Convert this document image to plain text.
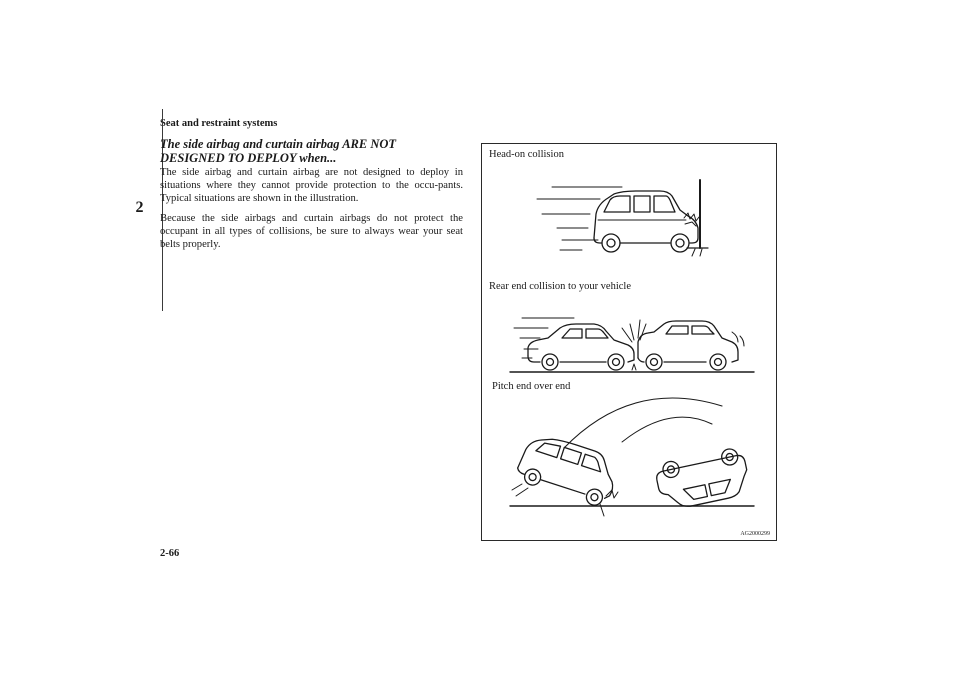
Seat and restraint systems
2
The side airbag and curtain airbag ARE NOT DESIGNED TO DEPLOY when...

The side airbag and curtain airbag are not designed to deploy in situations where they cannot provide protection to the occu-pants. Typical situations are shown in the illustration.

Because the side airbags and curtain airbags do not protect the occupant in all types of collisions, be sure to always wear your seat belts properly.

Head-on collision
Rear end collision to your vehicle
Pitch end over end
AG2000299
2-66
